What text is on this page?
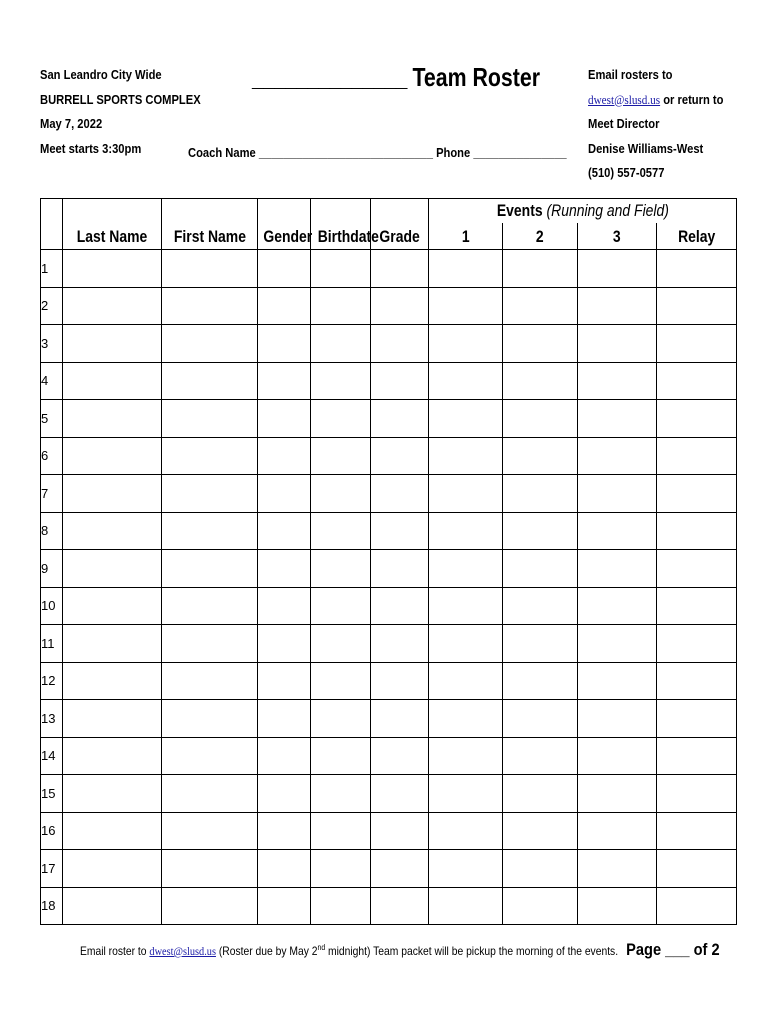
San Leandro City Wide
BURRELL SPORTS COMPLEX
May 7, 2022
Meet starts 3:30pm
______________ Team Roster
Coach Name ____________________________ Phone _______________
Email rosters to
dwest@slusd.us or return to
Meet Director
Denise Williams-West
(510) 557-0577
						Events (Running and Field)			
	Last Name	First Name	Gender	Birthdate	Grade	1	2	3	Relay
1									
2									
3									
4									
5									
6									
7									
8									
9									
10									
11									
12									
13									
14									
15									
16									
17									
18									
Email roster to dwest@slusd.us (Roster due by May 2nd midnight) Team packet will be pickup the morning of the events. Page ___ of 2
